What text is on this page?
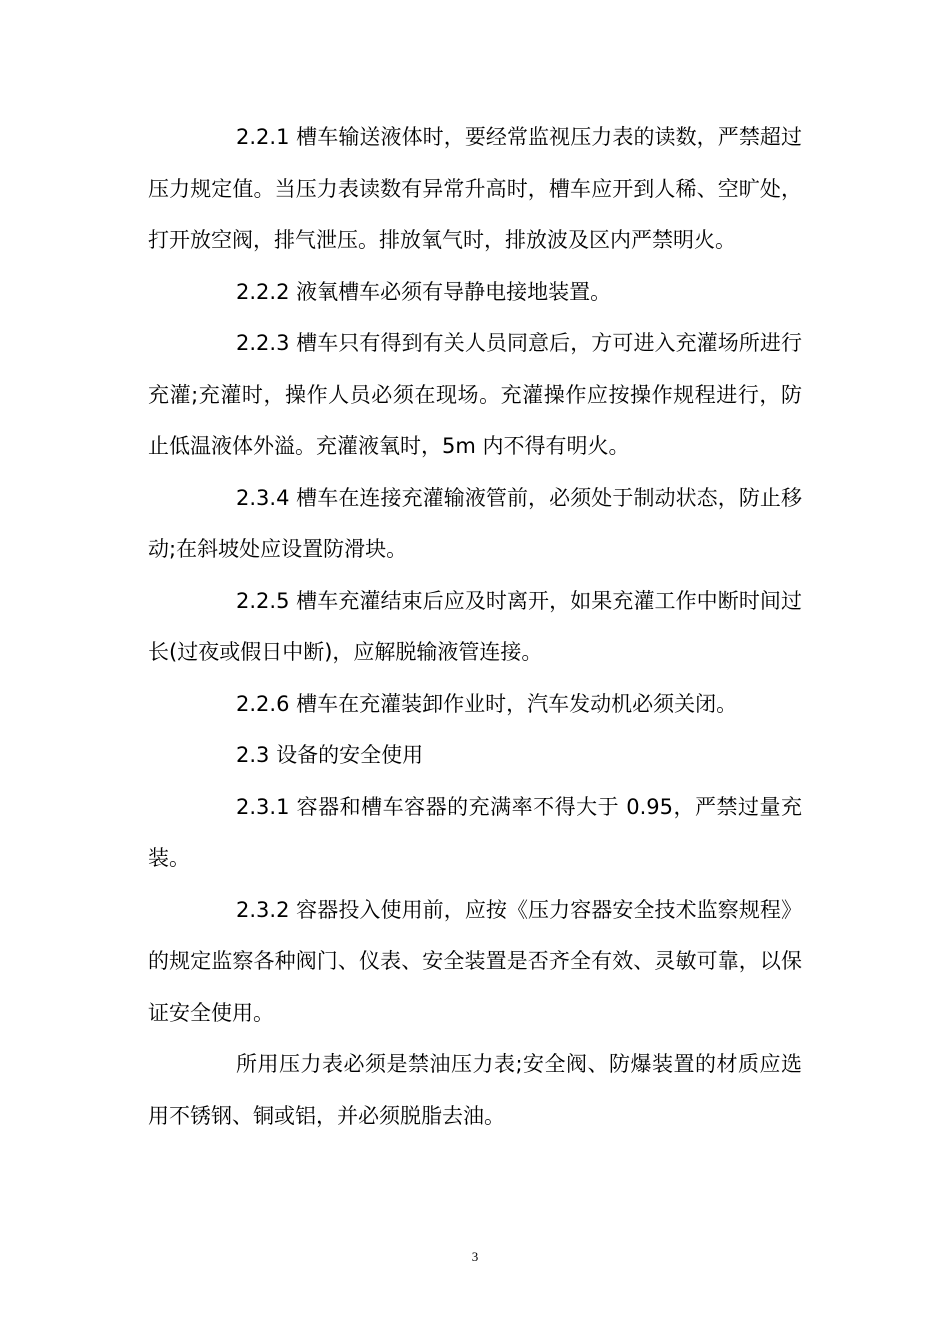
2.2.1 槽车输送液体时，要经常监视压力表的读数，严禁超过压力规定值。当压力表读数有异常升高时，槽车应开到人稀、空旷处，打开放空阀，排气泄压。排放氧气时，排放波及区内严禁明火。

2.2.2 液氧槽车必须有导静电接地装置。

2.2.3 槽车只有得到有关人员同意后，方可进入充灌场所进行充灌;充灌时，操作人员必须在现场。充灌操作应按操作规程进行，防止低温液体外溢。充灌液氧时，5m 内不得有明火。

2.3.4 槽车在连接充灌输液管前，必须处于制动状态，防止移动;在斜坡处应设置防滑块。

2.2.5 槽车充灌结束后应及时离开，如果充灌工作中断时间过长(过夜或假日中断)，应解脱输液管连接。

2.2.6 槽车在充灌装卸作业时，汽车发动机必须关闭。

2.3 设备的安全使用

2.3.1 容器和槽车容器的充满率不得大于 0.95，严禁过量充装。

2.3.2 容器投入使用前，应按《压力容器安全技术监察规程》的规定监察各种阀门、仪表、安全装置是否齐全有效、灵敏可靠，以保证安全使用。

所用压力表必须是禁油压力表;安全阀、防爆装置的材质应选用不锈钢、铜或铝，并必须脱脂去油。

3
